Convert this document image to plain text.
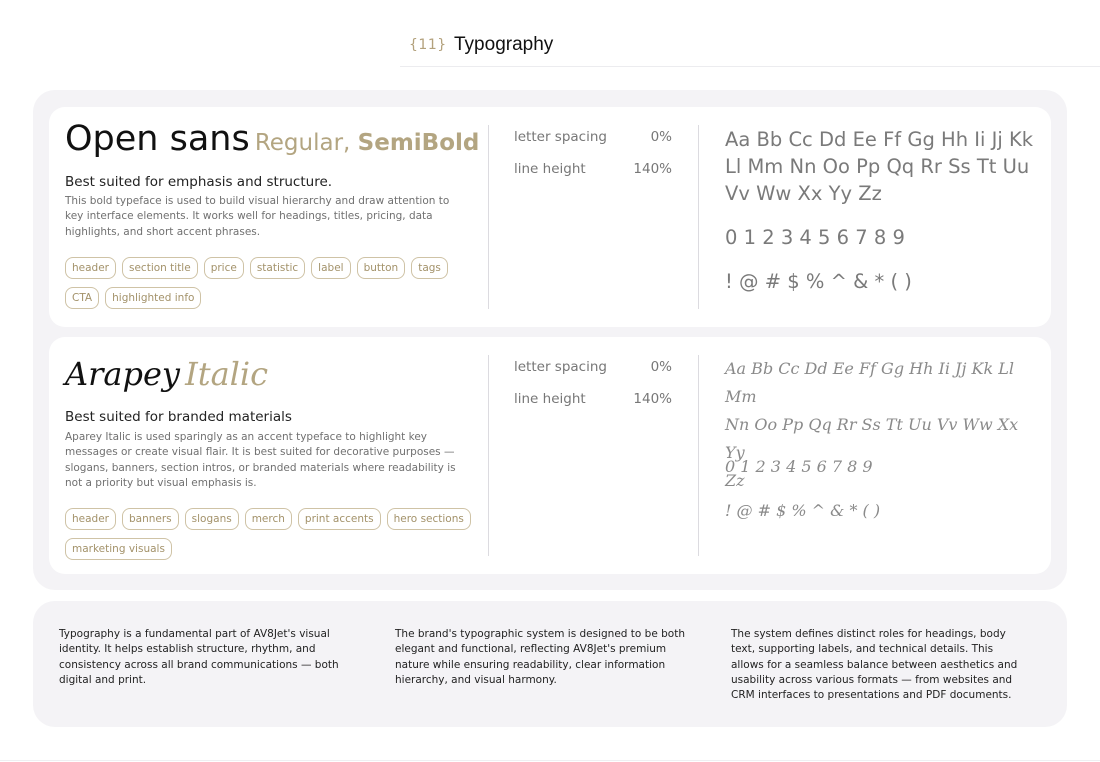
{11} Typography
Open sans Regular, SemiBold
Best suited for emphasis and structure.
This bold typeface is used to build visual hierarchy and draw attention to key interface elements. It works well for headings, titles, pricing, data highlights, and short accent phrases.
header	section title	price	statistic	label	button	tags
CTA	highlighted info
letter spacing	0%
line height	140%
Aa Bb Cc Dd Ee Ff Gg Hh Ii Jj Kk
Ll Mm Nn Oo Pp Qq Rr Ss Tt Uu
Vv Ww Xx Yy Zz
0 1 2 3 4 5 6 7 8 9
! @ # $ % ^ & * ( )
Arapey Italic
Best suited for branded materials
Aparey Italic is used sparingly as an accent typeface to highlight key messages or create visual flair. It is best suited for decorative purposes — slogans, banners, section intros, or branded materials where readability is not a priority but visual emphasis is.
header	banners	slogans	merch	print accents	hero sections
marketing visuals
letter spacing	0%
line height	140%
Aa Bb Cc Dd Ee Ff Gg Hh Ii Jj Kk Ll Mm
Nn Oo Pp Qq Rr Ss Tt Uu Vv Ww Xx Yy
Zz
0 1 2 3 4 5 6 7 8 9
! @ # $ % ^ & * ( )
Typography is a fundamental part of AV8Jet's visual identity. It helps establish structure, rhythm, and consistency across all brand communications — both digital and print.
The brand's typographic system is designed to be both elegant and functional, reflecting AV8Jet's premium nature while ensuring readability, clear information hierarchy, and visual harmony.
The system defines distinct roles for headings, body text, supporting labels, and technical details. This allows for a seamless balance between aesthetics and usability across various formats — from websites and CRM interfaces to presentations and PDF documents.
